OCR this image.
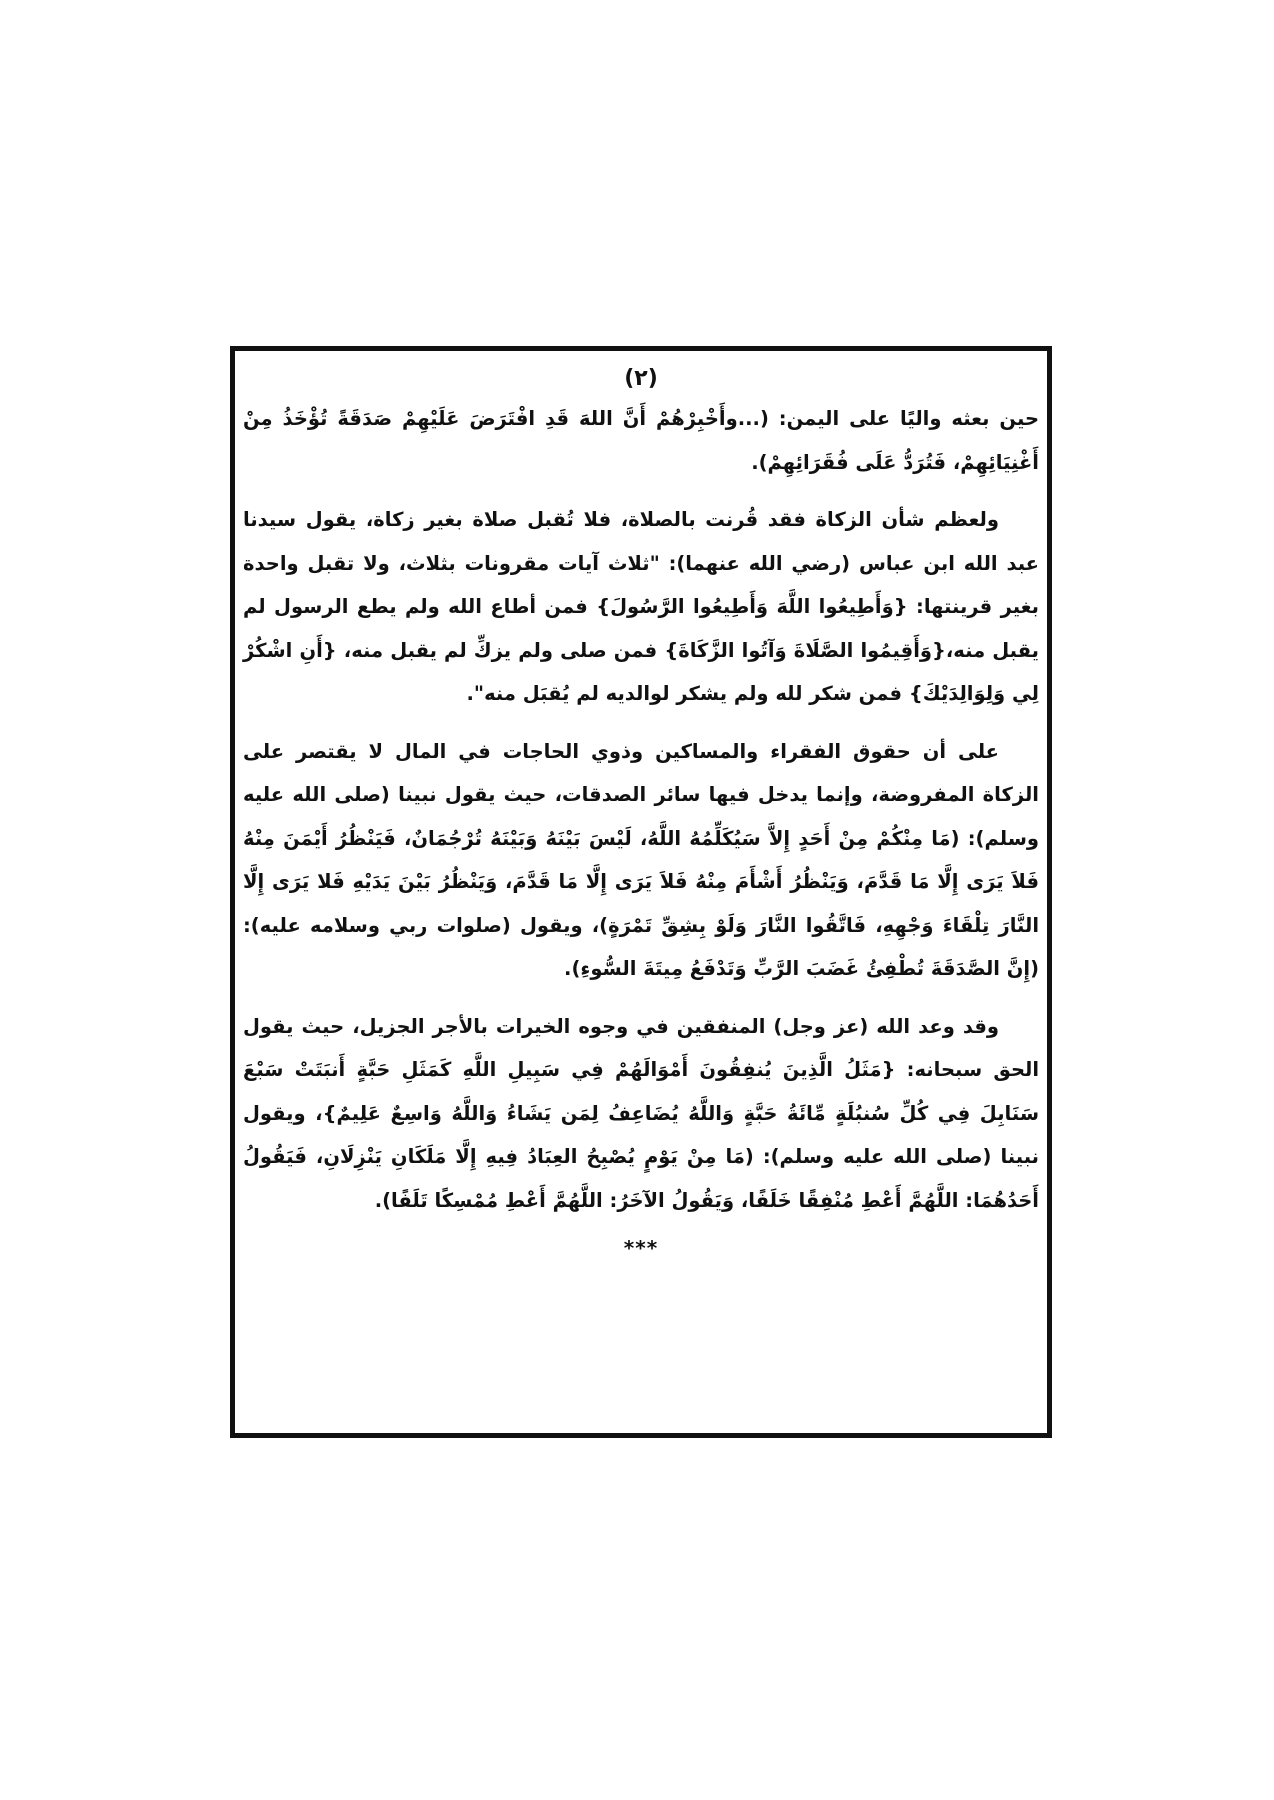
(٢)

حين بعثه واليًا على اليمن: (...وأَخْبِرْهُمْ أَنَّ اللهَ قَدِ افْتَرَضَ عَلَيْهِمْ صَدَقَةً تُؤْخَذُ مِنْ أَغْنِيَائِهِمْ، فَتُرَدُّ عَلَى فُقَرَائِهِمْ).

ولعظم شأن الزكاة فقد قُرنت بالصلاة، فلا تُقبل صلاة بغير زكاة، يقول سيدنا عبد الله ابن عباس (رضي الله عنهما): "ثلاث آيات مقرونات بثلاث، ولا تقبل واحدة بغير قرينتها: {وَأَطِيعُوا اللَّهَ وَأَطِيعُوا الرَّسُولَ} فمن أطاع الله ولم يطع الرسول لم يقبل منه،{وَأَقِيمُوا الصَّلَاةَ وَآتُوا الزَّكَاةَ} فمن صلى ولم يزكِّ لم يقبل منه، {أَنِ اشْكُرْ لِي وَلِوَالِدَيْكَ} فمن شكر لله ولم يشكر لوالديه لم يُقبَل منه".

على أن حقوق الفقراء والمساكين وذوي الحاجات في المال لا يقتصر على الزكاة المفروضة، وإنما يدخل فيها سائر الصدقات، حيث يقول نبينا (صلى الله عليه وسلم): (مَا مِنْكُمْ مِنْ أَحَدٍ إِلاَّ سَيُكَلِّمُهُ اللَّهُ، لَيْسَ بَيْنَهُ وَبَيْنَهُ تُرْجُمَانٌ، فَيَنْظُرُ أَيْمَنَ مِنْهُ فَلاَ يَرَى إِلَّا مَا قَدَّمَ، وَيَنْظُرُ أَشْأَمَ مِنْهُ فَلاَ يَرَى إِلَّا مَا قَدَّمَ، وَيَنْظُرُ بَيْنَ يَدَيْهِ فَلا يَرَى إِلَّا النَّارَ تِلْقَاءَ وَجْهِهِ، فَاتَّقُوا النَّارَ وَلَوْ بِشِقِّ تَمْرَةٍ)، ويقول (صلوات ربي وسلامه عليه): (إِنَّ الصَّدَقَةَ تُطْفِئُ غَضَبَ الرَّبِّ وَتَدْفَعُ مِيتَةَ السُّوءِ).

وقد وعد الله (عز وجل) المنفقين في وجوه الخيرات بالأجر الجزيل، حيث يقول الحق سبحانه: {مَثَلُ الَّذِينَ يُنفِقُونَ أَمْوَالَهُمْ فِي سَبِيلِ اللَّهِ كَمَثَلِ حَبَّةٍ أَنبَتَتْ سَبْعَ سَنَابِلَ فِي كُلِّ سُنبُلَةٍ مِّائَةُ حَبَّةٍ وَاللَّهُ يُضَاعِفُ لِمَن يَشَاءُ وَاللَّهُ وَاسِعٌ عَلِيمٌ}، ويقول نبينا (صلى الله عليه وسلم): (مَا مِنْ يَوْمٍ يُصْبِحُ العِبَادُ فِيهِ إِلَّا مَلَكَانِ يَنْزِلَانِ، فَيَقُولُ أَحَدُهُمَا: اللَّهُمَّ أَعْطِ مُنْفِقًا خَلَفًا، وَيَقُولُ الآخَرُ: اللَّهُمَّ أَعْطِ مُمْسِكًا تَلَفًا).

***
